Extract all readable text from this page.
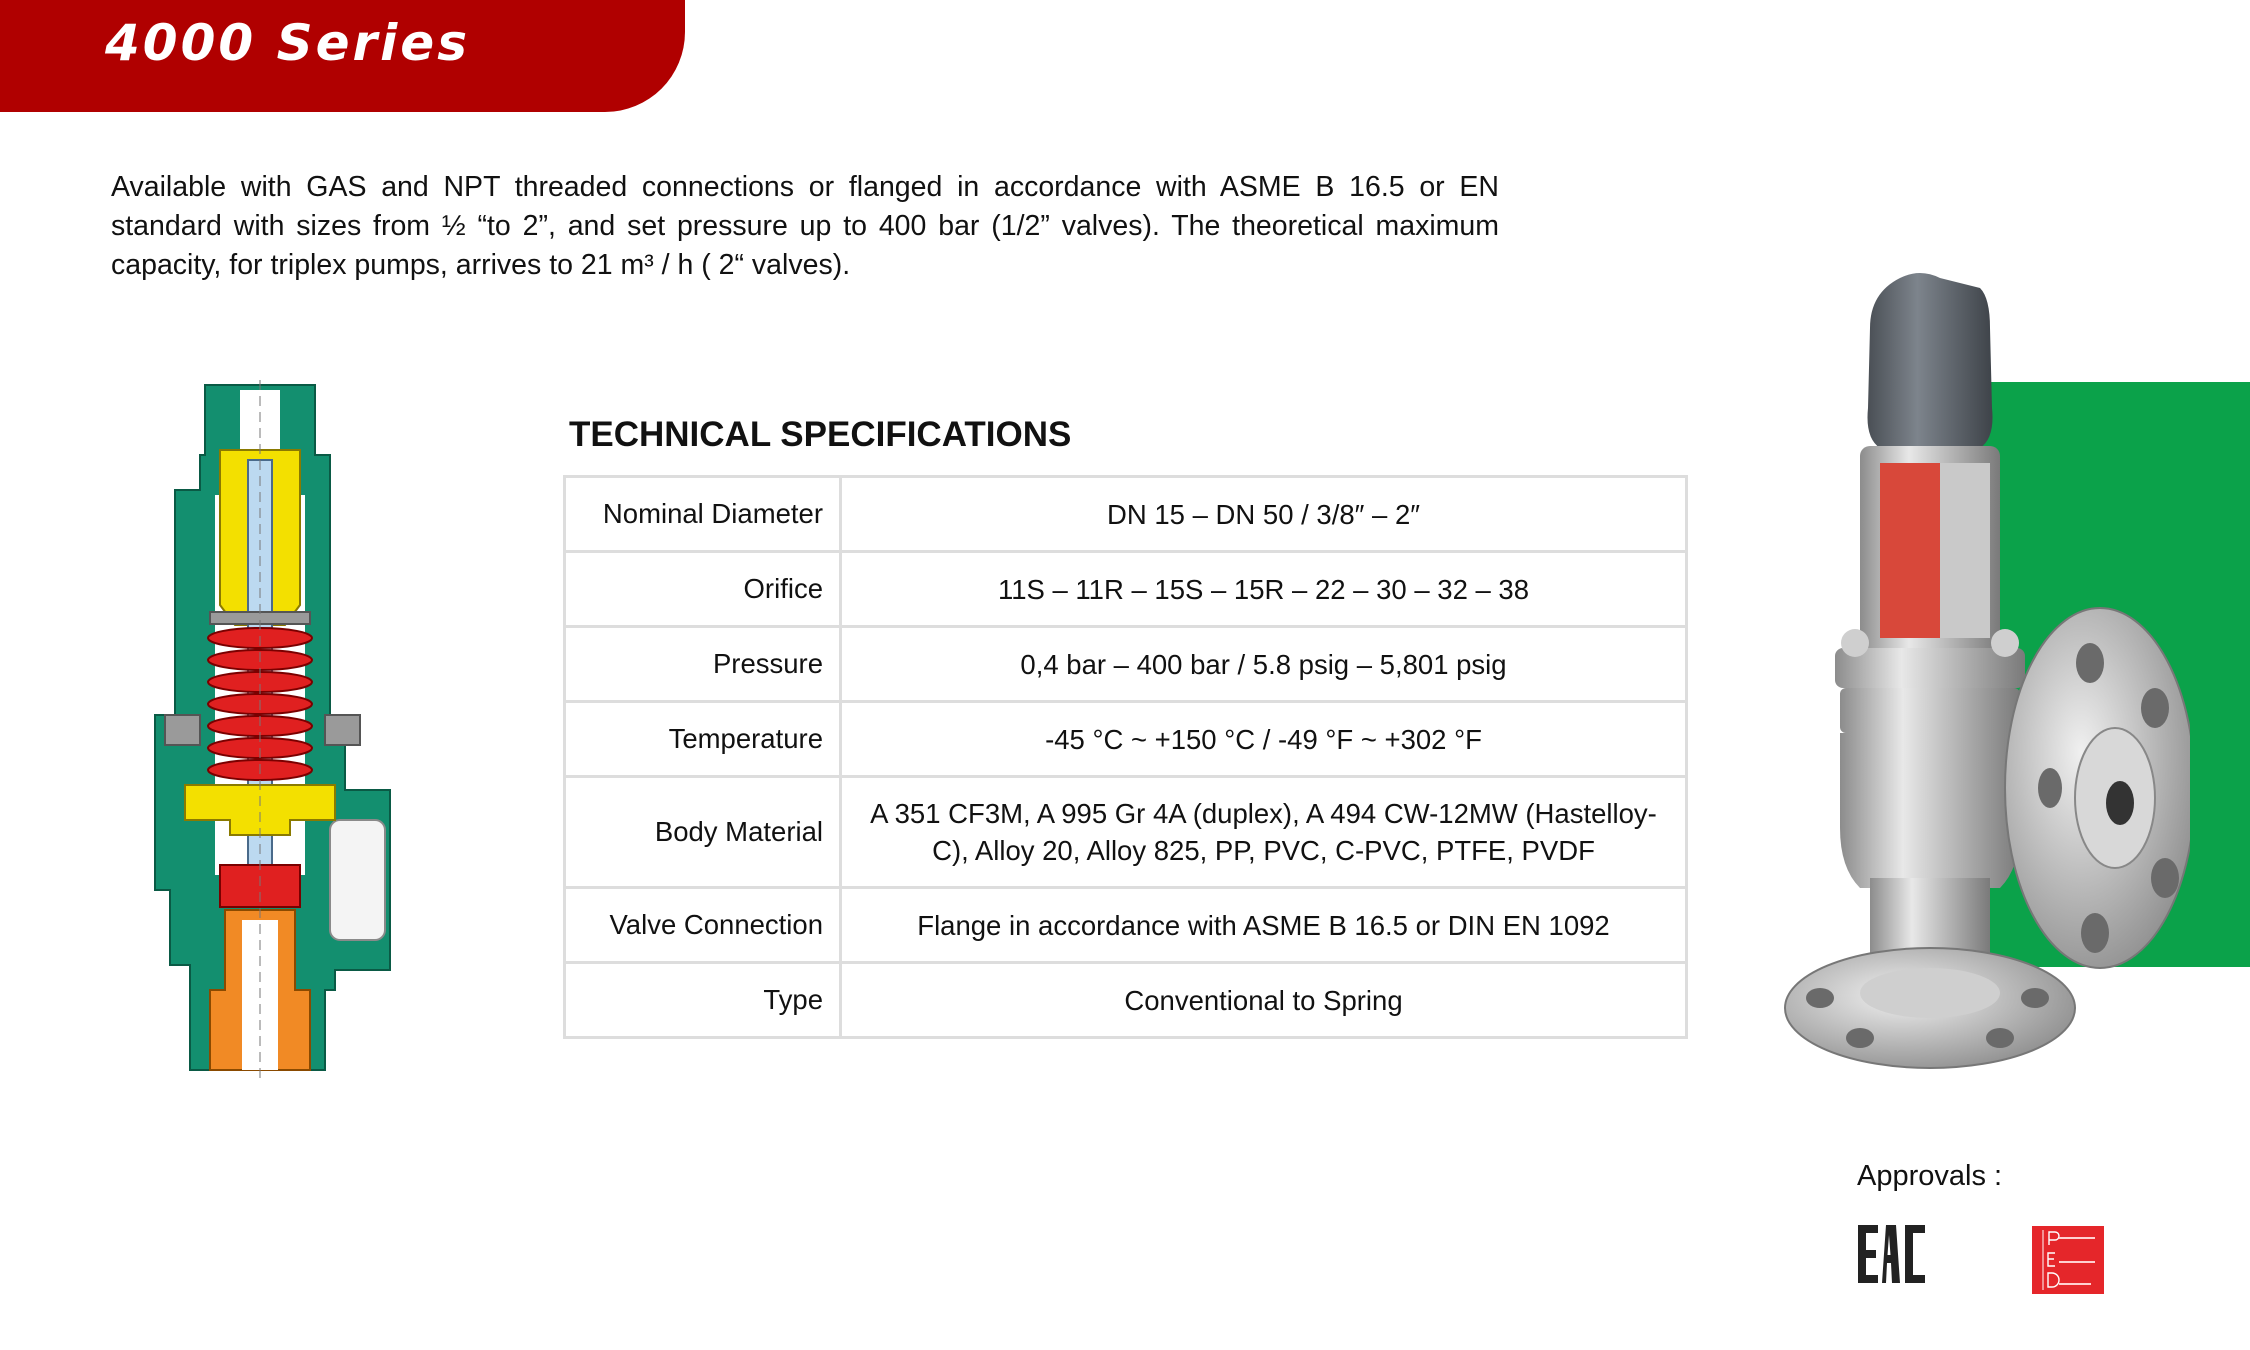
4000 Series
Available with GAS and NPT threaded connections or flanged in accordance with ASME B 16.5 or EN standard with sizes from ½ “to 2”, and set pressure up to 400 bar (1/2” valves). The theoretical maximum capacity, for triplex pumps, arrives to 21 m³ / h ( 2“ valves).
TECHNICAL SPECIFICATIONS
Nominal Diameter	DN 15 – DN 50 / 3/8″ – 2″
Orifice	11S – 11R – 15S – 15R – 22 – 30 – 32 – 38
Pressure	0,4 bar – 400 bar / 5.8 psig – 5,801 psig
Temperature	-45 °C ~ +150 °C / -49 °F ~ +302 °F
Body Material	A 351 CF3M, A 995 Gr 4A (duplex), A 494 CW-12MW (Hastelloy-C), Alloy 20, Alloy 825, PP, PVC, C-PVC, PTFE, PVDF
Valve Connection	Flange in accordance with ASME B 16.5 or DIN EN 1092
Type	Conventional to Spring
Approvals :
